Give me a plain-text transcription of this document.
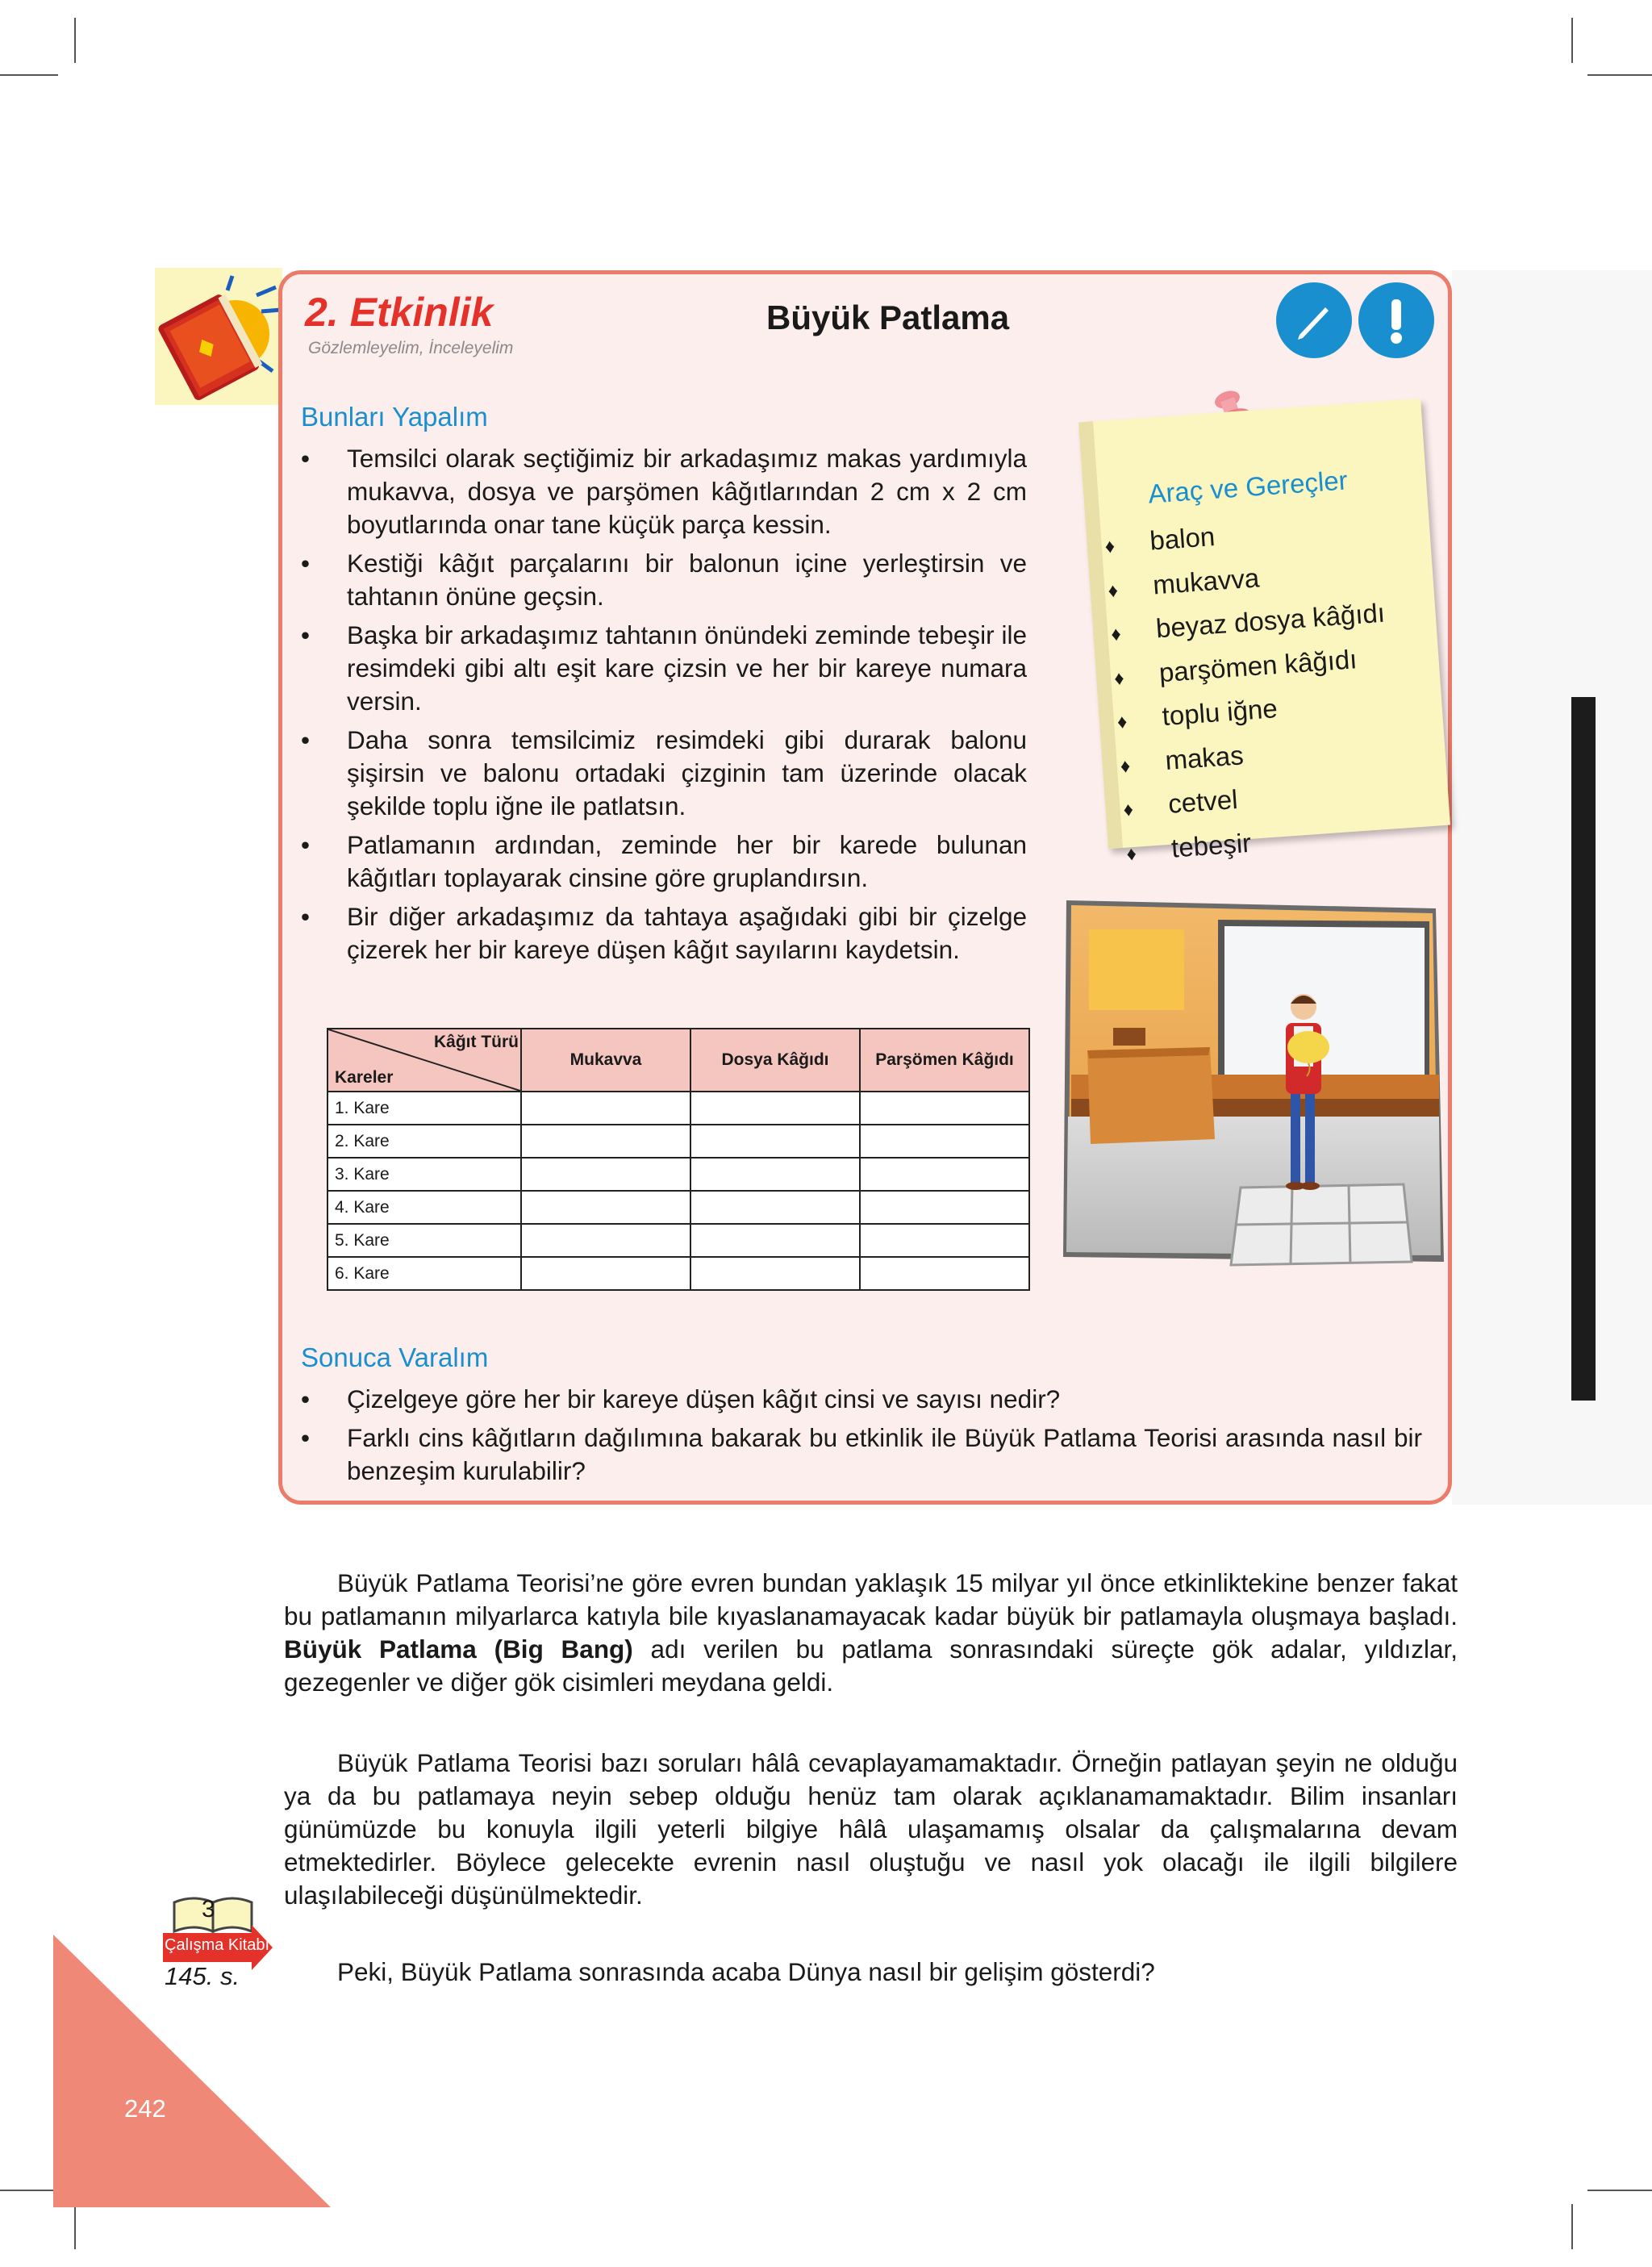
2. Etkinlik
Gözlemleyelim, İnceleyelim
Büyük Patlama
Bunları Yapalım
• Temsilci olarak seçtiğimiz bir arkadaşımız makas yardımıyla mukavva, dosya ve parşömen kâğıtlarından 2 cm x 2 cm boyutlarında onar tane küçük parça kessin.
• Kestiği kâğıt parçalarını bir balonun içine yerleştirsin ve tahtanın önüne geçsin.
• Başka bir arkadaşımız tahtanın önündeki zeminde tebeşir ile resimdeki gibi altı eşit kare çizsin ve her bir kareye numara versin.
• Daha sonra temsilcimiz resimdeki gibi durarak balonu şişirsin ve balonu ortadaki çizginin tam üzerinde olacak şekilde toplu iğne ile patlatsın.
• Patlamanın ardından, zeminde her bir karede bulunan kâğıtları toplayarak cinsine göre gruplandırsın.
• Bir diğer arkadaşımız da tahtaya aşağıdaki gibi bir çizelge çizerek her bir kareye düşen kâğıt sayılarını kaydetsin.
Araç ve Gereçler
♦ balon
♦ mukavva
♦ beyaz dosya kâğıdı
♦ parşömen kâğıdı
♦ toplu iğne
♦ makas
♦ cetvel
♦ tebeşir
Kâğıt Türü
Kareler	Mukavva	Dosya Kâğıdı	Parşömen Kâğıdı
1. Kare			
2. Kare			
3. Kare			
4. Kare			
5. Kare			
6. Kare			
Sonuca Varalım
• Çizelgeye göre her bir kareye düşen kâğıt cinsi ve sayısı nedir?
• Farklı cins kâğıtların dağılımına bakarak bu etkinlik ile Büyük Patlama Teorisi arasında nasıl bir benzeşim kurulabilir?

Büyük Patlama Teorisi’ne göre evren bundan yaklaşık 15 milyar yıl önce etkinliktekine benzer fakat bu patlamanın milyarlarca katıyla bile kıyaslanamayacak kadar büyük bir patlamayla oluşmaya başladı. Büyük Patlama (Big Bang) adı verilen bu patlama sonrasındaki süreçte gök adalar, yıldızlar, gezegenler ve diğer gök cisimleri meydana geldi.

Büyük Patlama Teorisi bazı soruları hâlâ cevaplayamamaktadır. Örneğin patlayan şeyin ne olduğu ya da bu patlamaya neyin sebep olduğu henüz tam olarak açıklanamamaktadır. Bilim insanları günümüzde bu konuyla ilgili yeterli bilgiye hâlâ ulaşamamış olsalar da çalışmalarına devam etmektedirler. Böylece gelecekte evrenin nasıl oluştuğu ve nasıl yok olacağı ile ilgili bilgilere ulaşılabileceği düşünülmektedir.

Peki, Büyük Patlama sonrasında acaba Dünya nasıl bir gelişim gösterdi?

242
3
Çalışma Kitabı
145. s.
